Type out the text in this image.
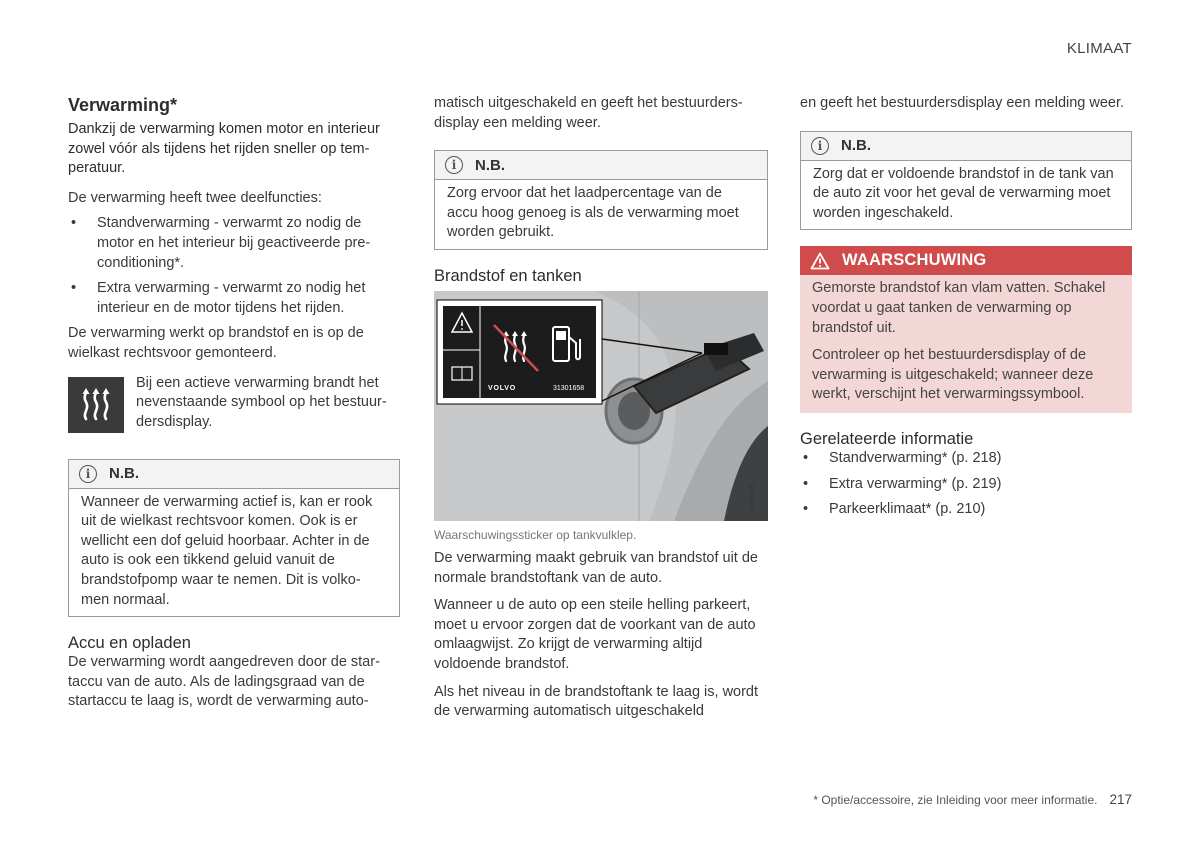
KLIMAAT
Verwarming*

Dankzij de verwarming komen motor en interieur zowel vóór als tijdens het rijden sneller op tem-peratuur.

De verwarming heeft twee deelfuncties:

• Standverwarming - verwarmt zo nodig de motor en het interieur bij geactiveerde pre-conditioning*.
• Extra verwarming - verwarmt zo nodig het interieur en de motor tijdens het rijden.

De verwarming werkt op brandstof en is op de wielkast rechtsvoor gemonteerd.

Bij een actieve verwarming brandt het nevenstaande symbool op het bestuur-dersdisplay.

i	N.B.

Wanneer de verwarming actief is, kan er rook uit de wielkast rechtsvoor komen. Ook is er wellicht een dof geluid hoorbaar. Achter in de auto is ook een tikkend geluid vanuit de brandstofpomp waar te nemen. Dit is volko-men normaal.

Accu en opladen

De verwarming wordt aangedreven door de star-taccu van de auto. Als de ladingsgraad van de startaccu te laag is, wordt de verwarming auto-

matisch uitgeschakeld en geeft het bestuurders-display een melding weer.

i	N.B.

Zorg ervoor dat het laadpercentage van de accu hoog genoeg is als de verwarming moet worden gebruikt.

Brandstof en tanken
VOLVO	31301658
G052919
Waarschuwingssticker op tankvulklep.

De verwarming maakt gebruik van brandstof uit de normale brandstoftank van de auto.

Wanneer u de auto op een steile helling parkeert, moet u ervoor zorgen dat de voorkant van de auto omlaagwijst. Zo krijgt de verwarming altijd voldoende brandstof.

Als het niveau in de brandstoftank te laag is, wordt de verwarming automatisch uitgeschakeld

en geeft het bestuurdersdisplay een melding weer.

i	N.B.

Zorg dat er voldoende brandstof in de tank van de auto zit voor het geval de verwarming moet worden ingeschakeld.

WAARSCHUWING

Gemorste brandstof kan vlam vatten. Schakel voordat u gaat tanken de verwarming op brandstof uit.

Controleer op het bestuurdersdisplay of de verwarming is uitgeschakeld; wanneer deze werkt, verschijnt het verwarmingssymbool.

Gerelateerde informatie
• Standverwarming* (p. 218)
• Extra verwarming* (p. 219)
• Parkeerklimaat* (p. 210)
* Optie/accessoire, zie Inleiding voor meer informatie. 217
